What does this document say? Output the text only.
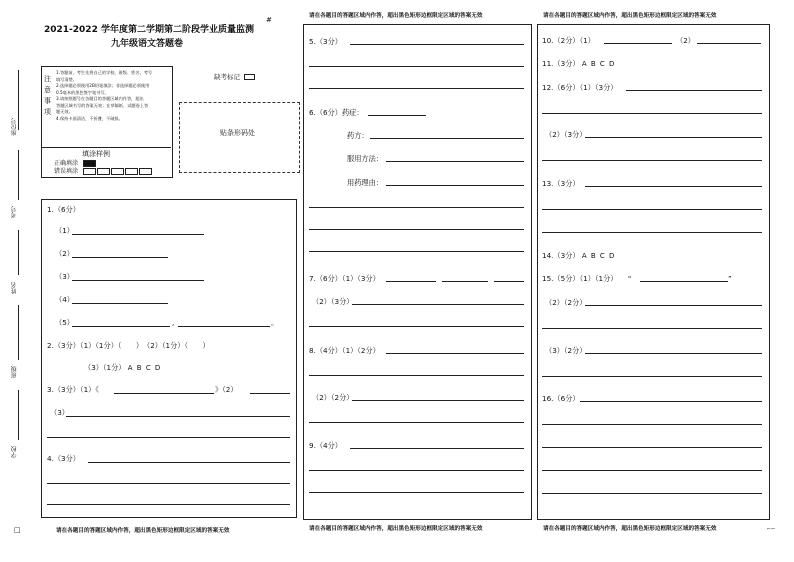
座位号
考号
姓名
班级
学校
□
2021-2022 学年度第二学期第二阶段学业质量监测
九年级语文答题卷
#
注
意
事
项
1.答题前，考生先将自己的学校、班级、姓名、考号
填写清楚。
2.选择题必须使用2B铅笔填涂；非选择题必须使用
0.5毫米的黑色签字笔书写。
3.请按照题号在各题目的答题区域内作答，超出
答题区域书写的答案无效；在草稿纸、试题卷上答
题无效。
4.保持卡面清洁，不折叠，不破损。
填涂样例
正确填涂
错误填涂
缺考标记
贴条形码处
1.（6分）
（1）
（2）
（3）
（4）
（5）	,	。
2.（3分）（1）（1分）（　　）　（2）（1分）（　　）
（3）（1分） A B C D
3.（3分）（1）《	》（2）
（3）
4.（3分）
请在各题目的答题区域内作答，超出黑色矩形边框限定区域的答案无效
请在各题目的答题区域内作答，超出黑色矩形边框限定区域的答案无效
5.（3分）
6.（6分）药症：
药方：
服用方法：
用药理由：
7.（6分）（1）（3分）
（2）（3分）
8.（4分）（1）（2分）
（2）（2分）
9.（4分）
请在各题目的答题区域内作答，超出黑色矩形边框限定区域的答案无效
请在各题目的答题区域内作答，超出黑色矩形边框限定区域的答案无效
10.（2分）（1）	（2）
11.（3分） A B C D
12.（6分）（1）（3分）
（2）（3分）
13.（3分）
14.（3分） A B C D
15.（5分）（1）（1分） “	”
（2）（2分）
（3）（2分）
16.（6分）
请在各题目的答题区域内作答，超出黑色矩形边框限定区域的答案无效	⌐⌐
